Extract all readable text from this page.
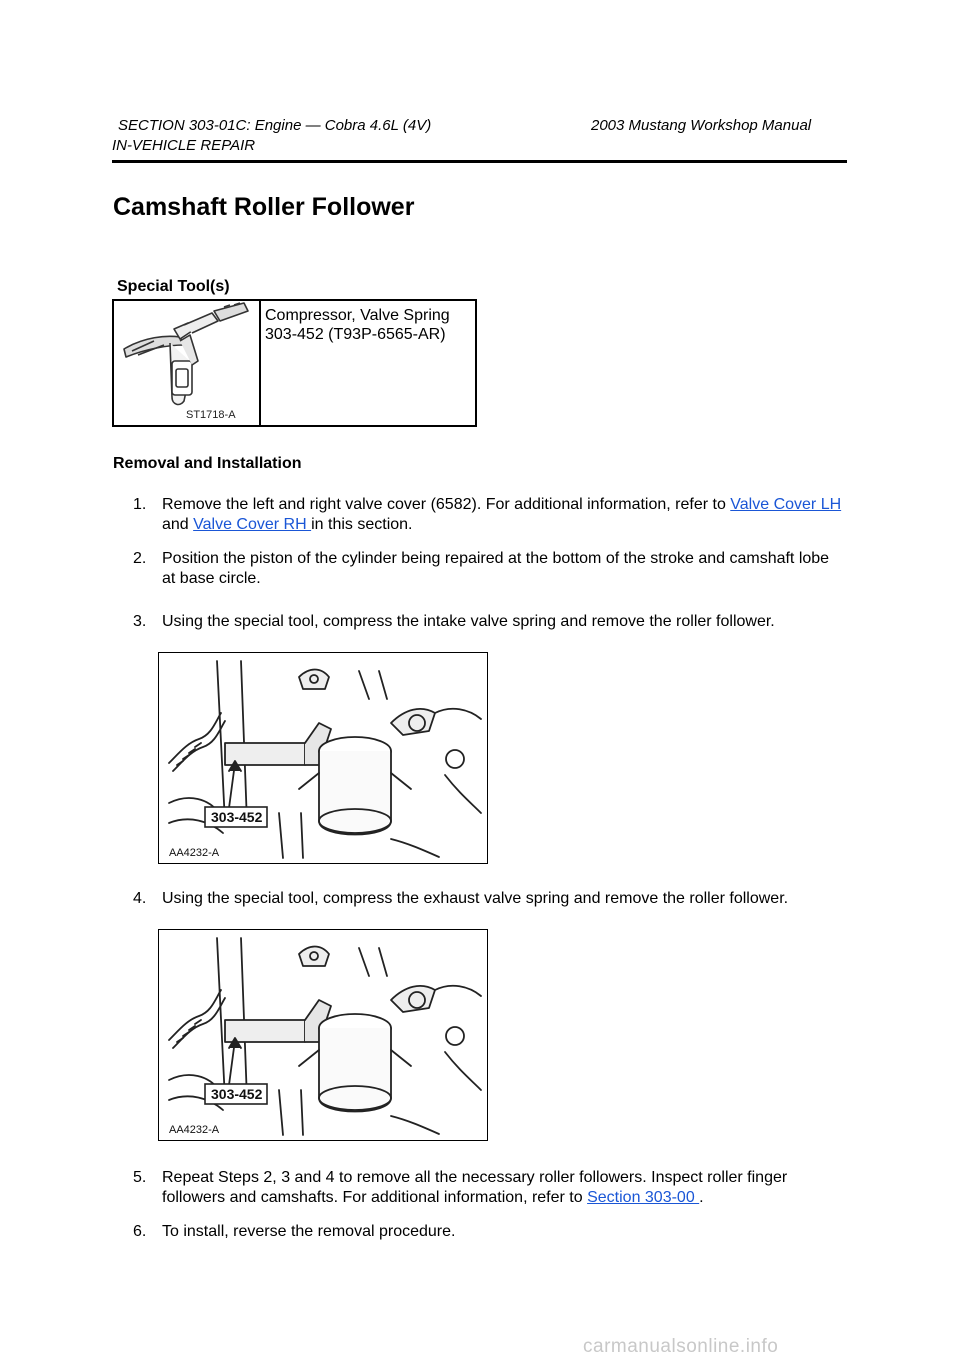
SECTION 303-01C: Engine — Cobra 4.6L (4V)	2003 Mustang Workshop Manual
IN-VEHICLE REPAIR
Camshaft Roller Follower
Special Tool(s)
ST1718-A
Compressor, Valve Spring
303-452 (T93P-6565-AR)
Removal and Installation
1. Remove the left and right valve cover (6582). For additional information, refer to Valve Cover LH and Valve Cover RH in this section.
2. Position the piston of the cylinder being repaired at the bottom of the stroke and camshaft lobe at base circle.
3. Using the special tool, compress the intake valve spring and remove the roller follower.
303-452
AA4232-A
4. Using the special tool, compress the exhaust valve spring and remove the roller follower.
303-452
AA4232-A
5. Repeat Steps 2, 3 and 4 to remove all the necessary roller followers. Inspect roller finger followers and camshafts. For additional information, refer to Section 303-00 .
6. To install, reverse the removal procedure.
carmanualsonline.info
